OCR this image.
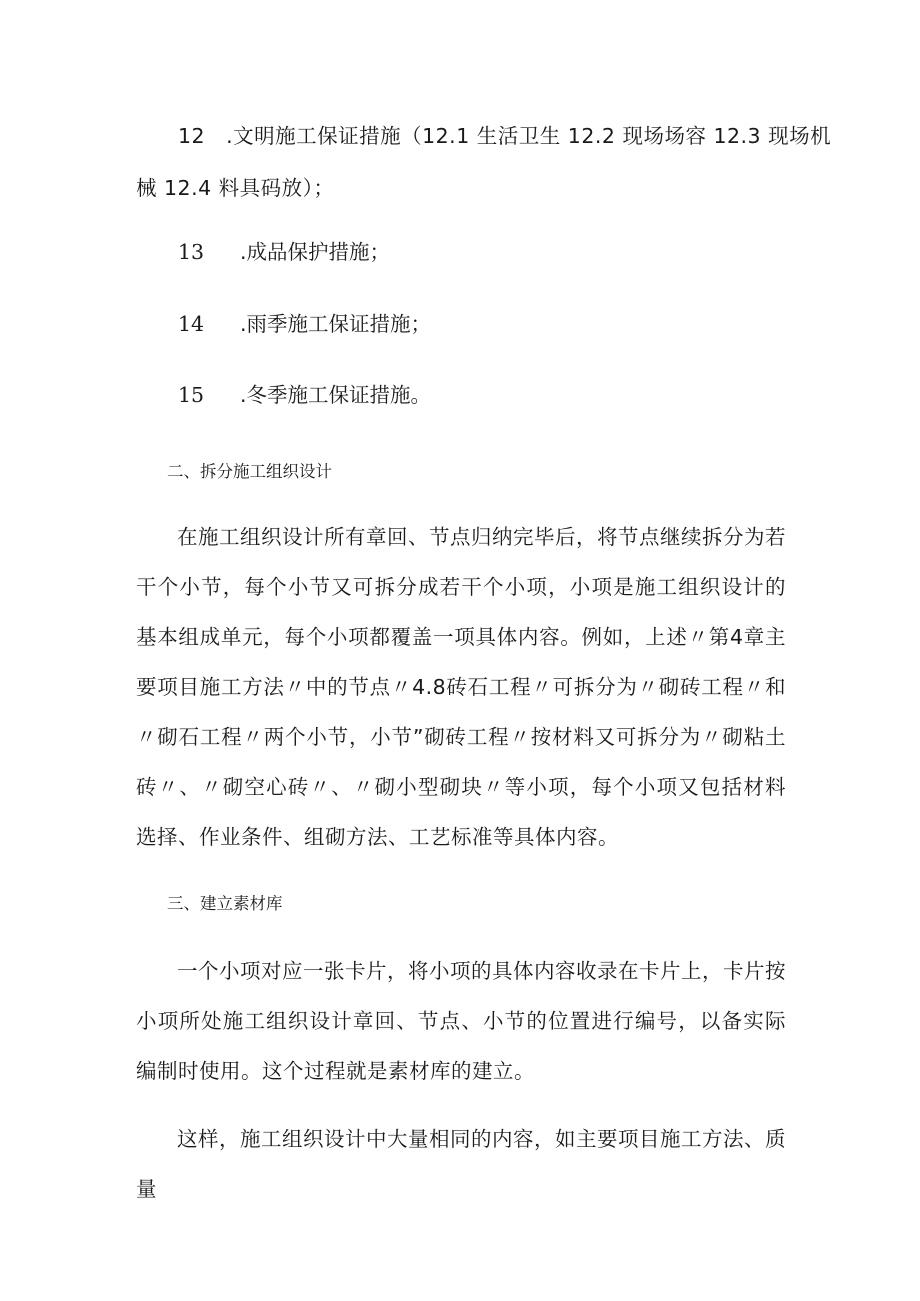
12　.文明施工保证措施（12.1 生活卫生 12.2 现场场容 12.3 现场机
械 12.4 料具码放）；
13 .成品保护措施；
14 .雨季施工保证措施；
15 .冬季施工保证措施。
二、拆分施工组织设计

在施工组织设计所有章回、节点归纳完毕后，将节点继续拆分为若干个小节，每个小节又可拆分成若干个小项，小项是施工组织设计的基本组成单元，每个小项都覆盖一项具体内容。例如，上述〃第4章主要项目施工方法〃中的节点〃4.8砖石工程〃可拆分为〃砌砖工程〃和〃砌石工程〃两个小节，小节”砌砖工程〃按材料又可拆分为〃砌粘土砖〃、〃砌空心砖〃、〃砌小型砌块〃等小项，每个小项又包括材料选择、作业条件、组砌方法、工艺标准等具体内容。

三、建立素材库

一个小项对应一张卡片，将小项的具体内容收录在卡片上，卡片按小项所处施工组织设计章回、节点、小节的位置进行编号，以备实际编制时使用。这个过程就是素材库的建立。

这样，施工组织设计中大量相同的内容，如主要项目施工方法、质量
